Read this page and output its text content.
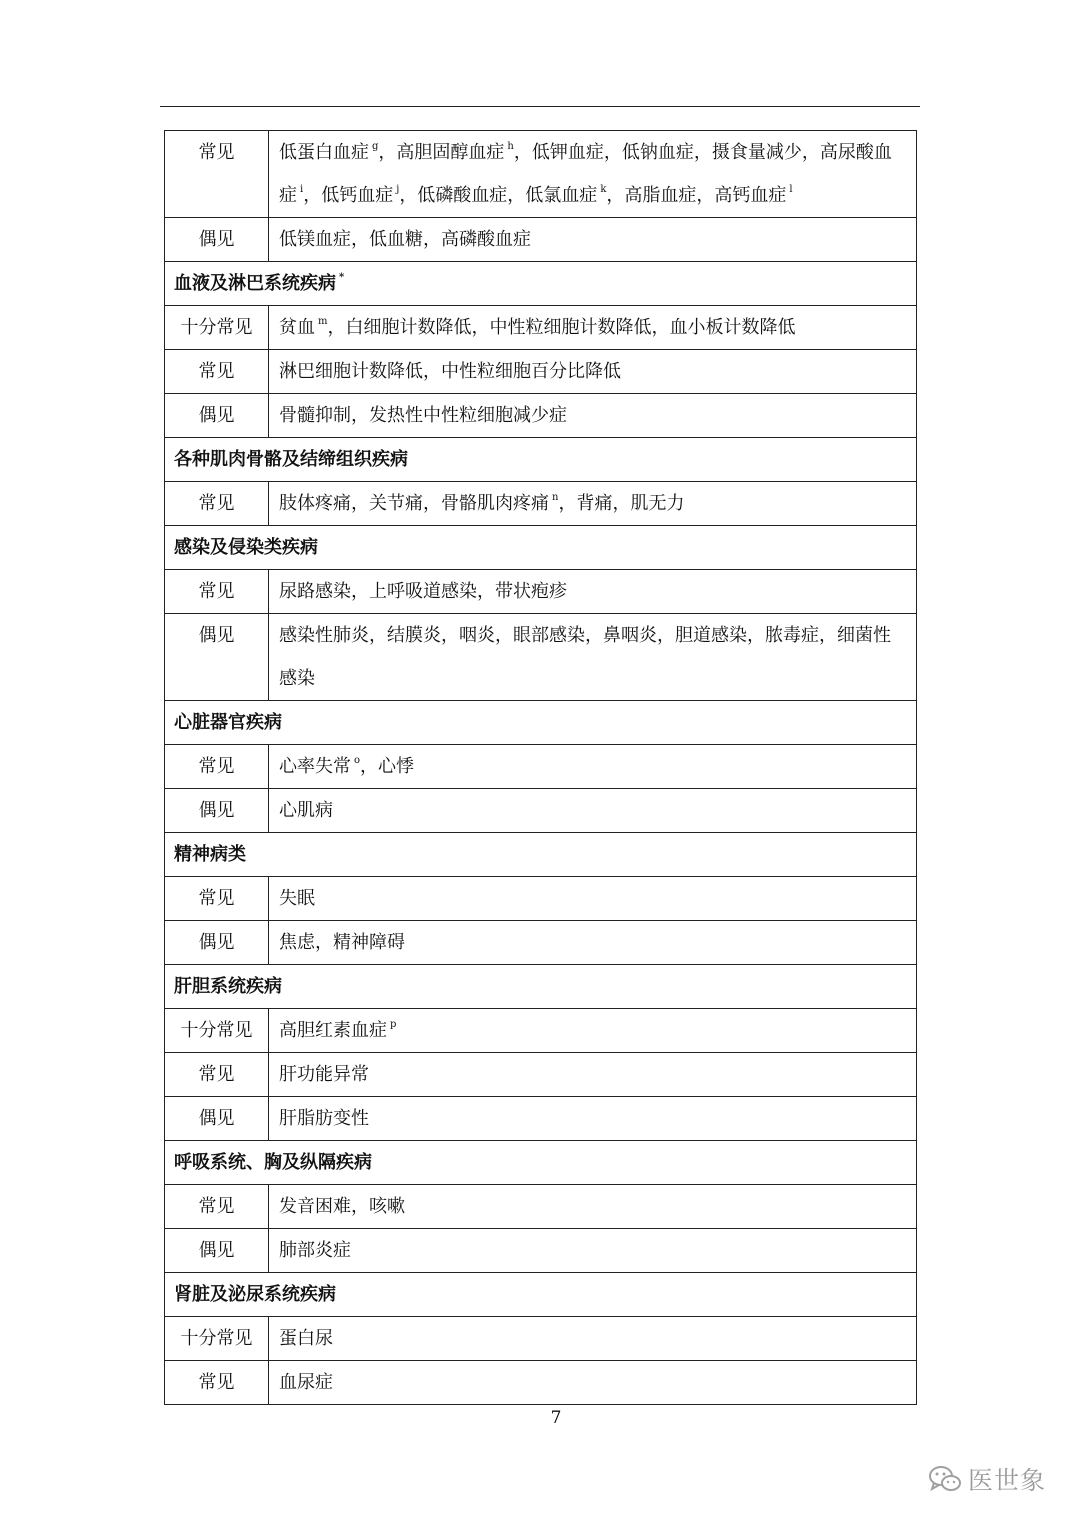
常见	低蛋白血症 $^g$，高胆固醇血症 $^h$，低钾血症，低钠血症，摄食量减少，高尿酸血症 $^i$，低钙血症 $^j$，低磷酸血症，低氯血症 $^k$，高脂血症，高钙血症 $^l$
偶见	低镁血症，低血糖，高磷酸血症
血液及淋巴系统疾病 *
十分常见	贫血 $^m$，白细胞计数降低，中性粒细胞计数降低，血小板计数降低
常见	淋巴细胞计数降低，中性粒细胞百分比降低
偶见	骨髓抑制，发热性中性粒细胞减少症
各种肌肉骨骼及结缔组织疾病	
常见	肢体疼痛，关节痛，骨骼肌肉疼痛 $^n$，背痛，肌无力
感染及侵染类疾病	
常见	尿路感染，上呼吸道感染，带状疱疹
偶见	感染性肺炎，结膜炎，咽炎，眼部感染，鼻咽炎，胆道感染，脓毒症，细菌性感染
心脏器官疾病	
常见	心率失常 $^o$，心悸
偶见	心肌病
精神病类	
常见	失眠
偶见	焦虑，精神障碍
肝胆系统疾病	
十分常见	高胆红素血症 $^p$
常见	肝功能异常
偶见	肝脂肪变性
呼吸系统、胸及纵隔疾病	
常见	发音困难，咳嗽
偶见	肺部炎症
肾脏及泌尿系统疾病	
十分常见	蛋白尿
常见	血尿症
7
医世象
